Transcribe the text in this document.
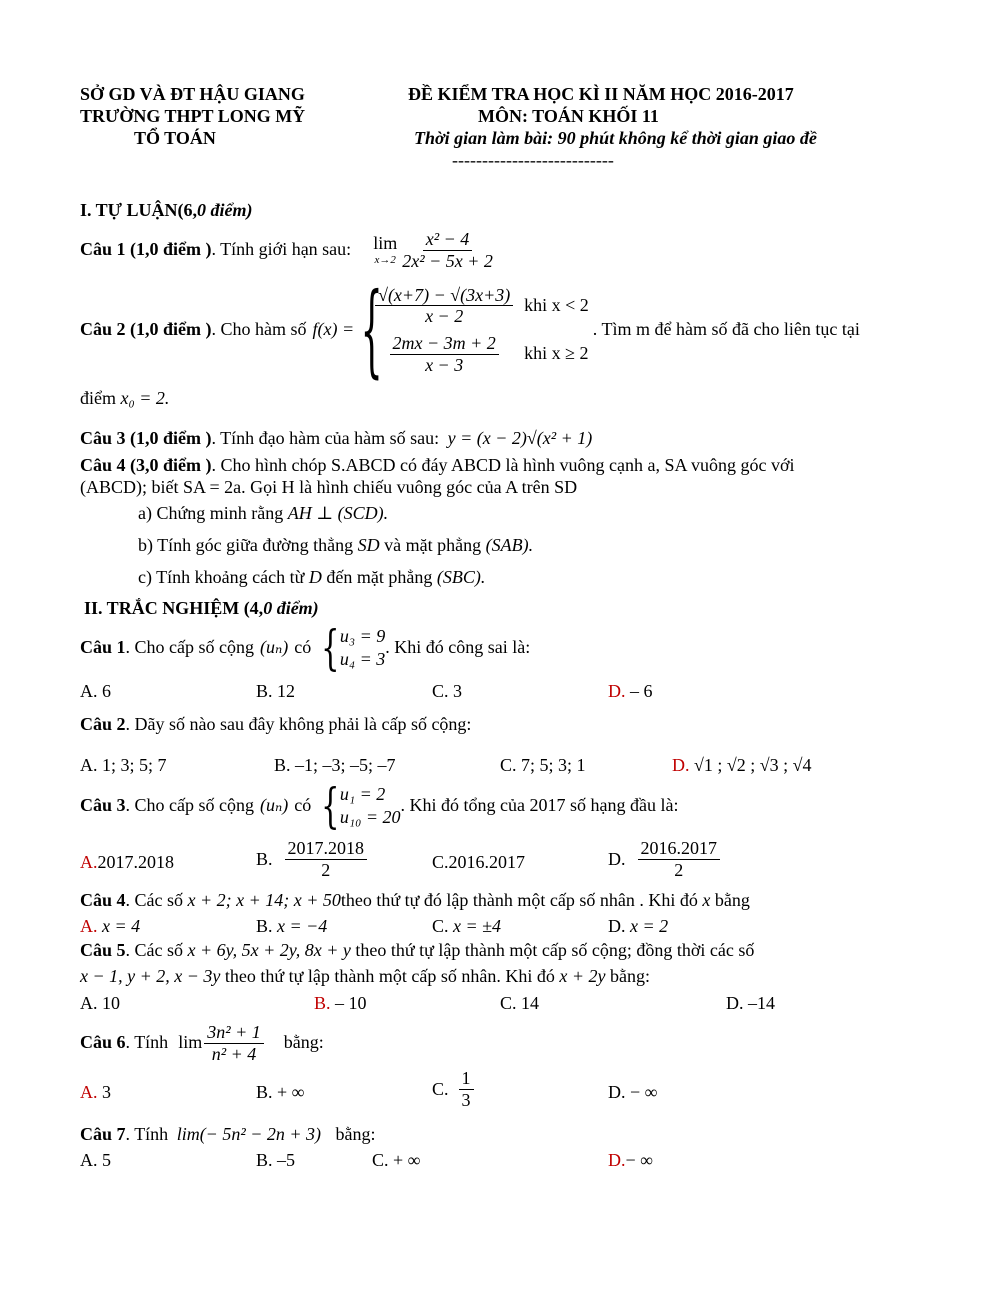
SỞ GD VÀ ĐT HẬU GIANG
TRƯỜNG THPT LONG MỸ
TỔ TOÁN
ĐỀ KIỂM TRA HỌC KÌ II NĂM HỌC 2016-2017
MÔN: TOÁN KHỐI 11
Thời gian làm bài: 90 phút không kể thời gian giao đề
---------------------------
I. TỰ LUẬN(6,0 điểm)
Câu 1 (1,0 điểm ) . Tính giới hạn sau: lim
$x\to 2 \frac{\text{x² − 4}}{\text{2x² − 5x + 2}}$
Câu 2 (1,0 điểm ) . Cho hàm số f(x) = {
$\frac{√(x+7) - √(3x+3)}{x - 2}$ khi x < 2
$\frac{2mx - 3m + 2}{x - 3}$ khi x ≥ 2
. Tìm m để hàm số đã cho liên tục tại
điểm x₀ = 2.
Câu 3 (1,0 điểm ). Tính đạo hàm của hàm số sau: y = (x − 2)√(x² + 1)
Câu 4 (3,0 điểm ). Cho hình chóp S.ABCD có đáy ABCD là hình vuông cạnh a, SA vuông góc với
(ABCD); biết SA = 2a. Gọi H là hình chiếu vuông góc của A trên SD
a) Chứng minh rằng AH ⊥ (SCD).
b) Tính góc giữa đường thẳng SD và mặt phẳng (SAB).
c) Tính khoảng cách từ D đến mặt phẳng (SBC).
II. TRẮC NGHIỆM (4,0 điểm)
Câu 1 . Cho cấp số cộng (uₙ) có { u₃ = 9
u₄ = 3
. Khi đó công sai là:
A. 6	B. 12	C. 3	D. – 6
Câu 2. Dãy số nào sau đây không phải là cấp số cộng:
A. 1; 3; 5; 7	B. –1; –3; –5; –7	C. 7; 5; 3; 1	D. √1 ; √2 ; √3 ; √4
Câu 3 . Cho cấp số cộng (uₙ) có { u₁ = 2
u₁₀ = 20
. Khi đó tổng của 2017 số hạng đầu là:
A.2017.2018	B. $\frac{2017.2018}{2}$	C.2016.2017	D. $\frac{2016.2017}{2}$
Câu 4. Các số x + 2; x + 14; x + 50theo thứ tự đó lập thành một cấp số nhân . Khi đó x bằng
A. x = 4	B. x = −4	C. x = ±4	D. x = 2
Câu 5. Các số x + 6y, 5x + 2y, 8x + y theo thứ tự lập thành một cấp số cộng; đồng thời các số
x − 1, y + 2, x − 3y theo thứ tự lập thành một cấp số nhân. Khi đó x + 2y bằng:
A. 10	B. – 10	C. 14	D. –14
Câu 6 . Tính $\lim \frac{\text{3n² + 1}}{\text{n² + 4}}$ bằng:
A. 3	B. + ∞	C. $\frac{1}{3}$	D. − ∞
Câu 7. Tính lim(− 5n² − 2n + 3) bằng:
A. 5	B. –5	C. + ∞	D.− ∞
